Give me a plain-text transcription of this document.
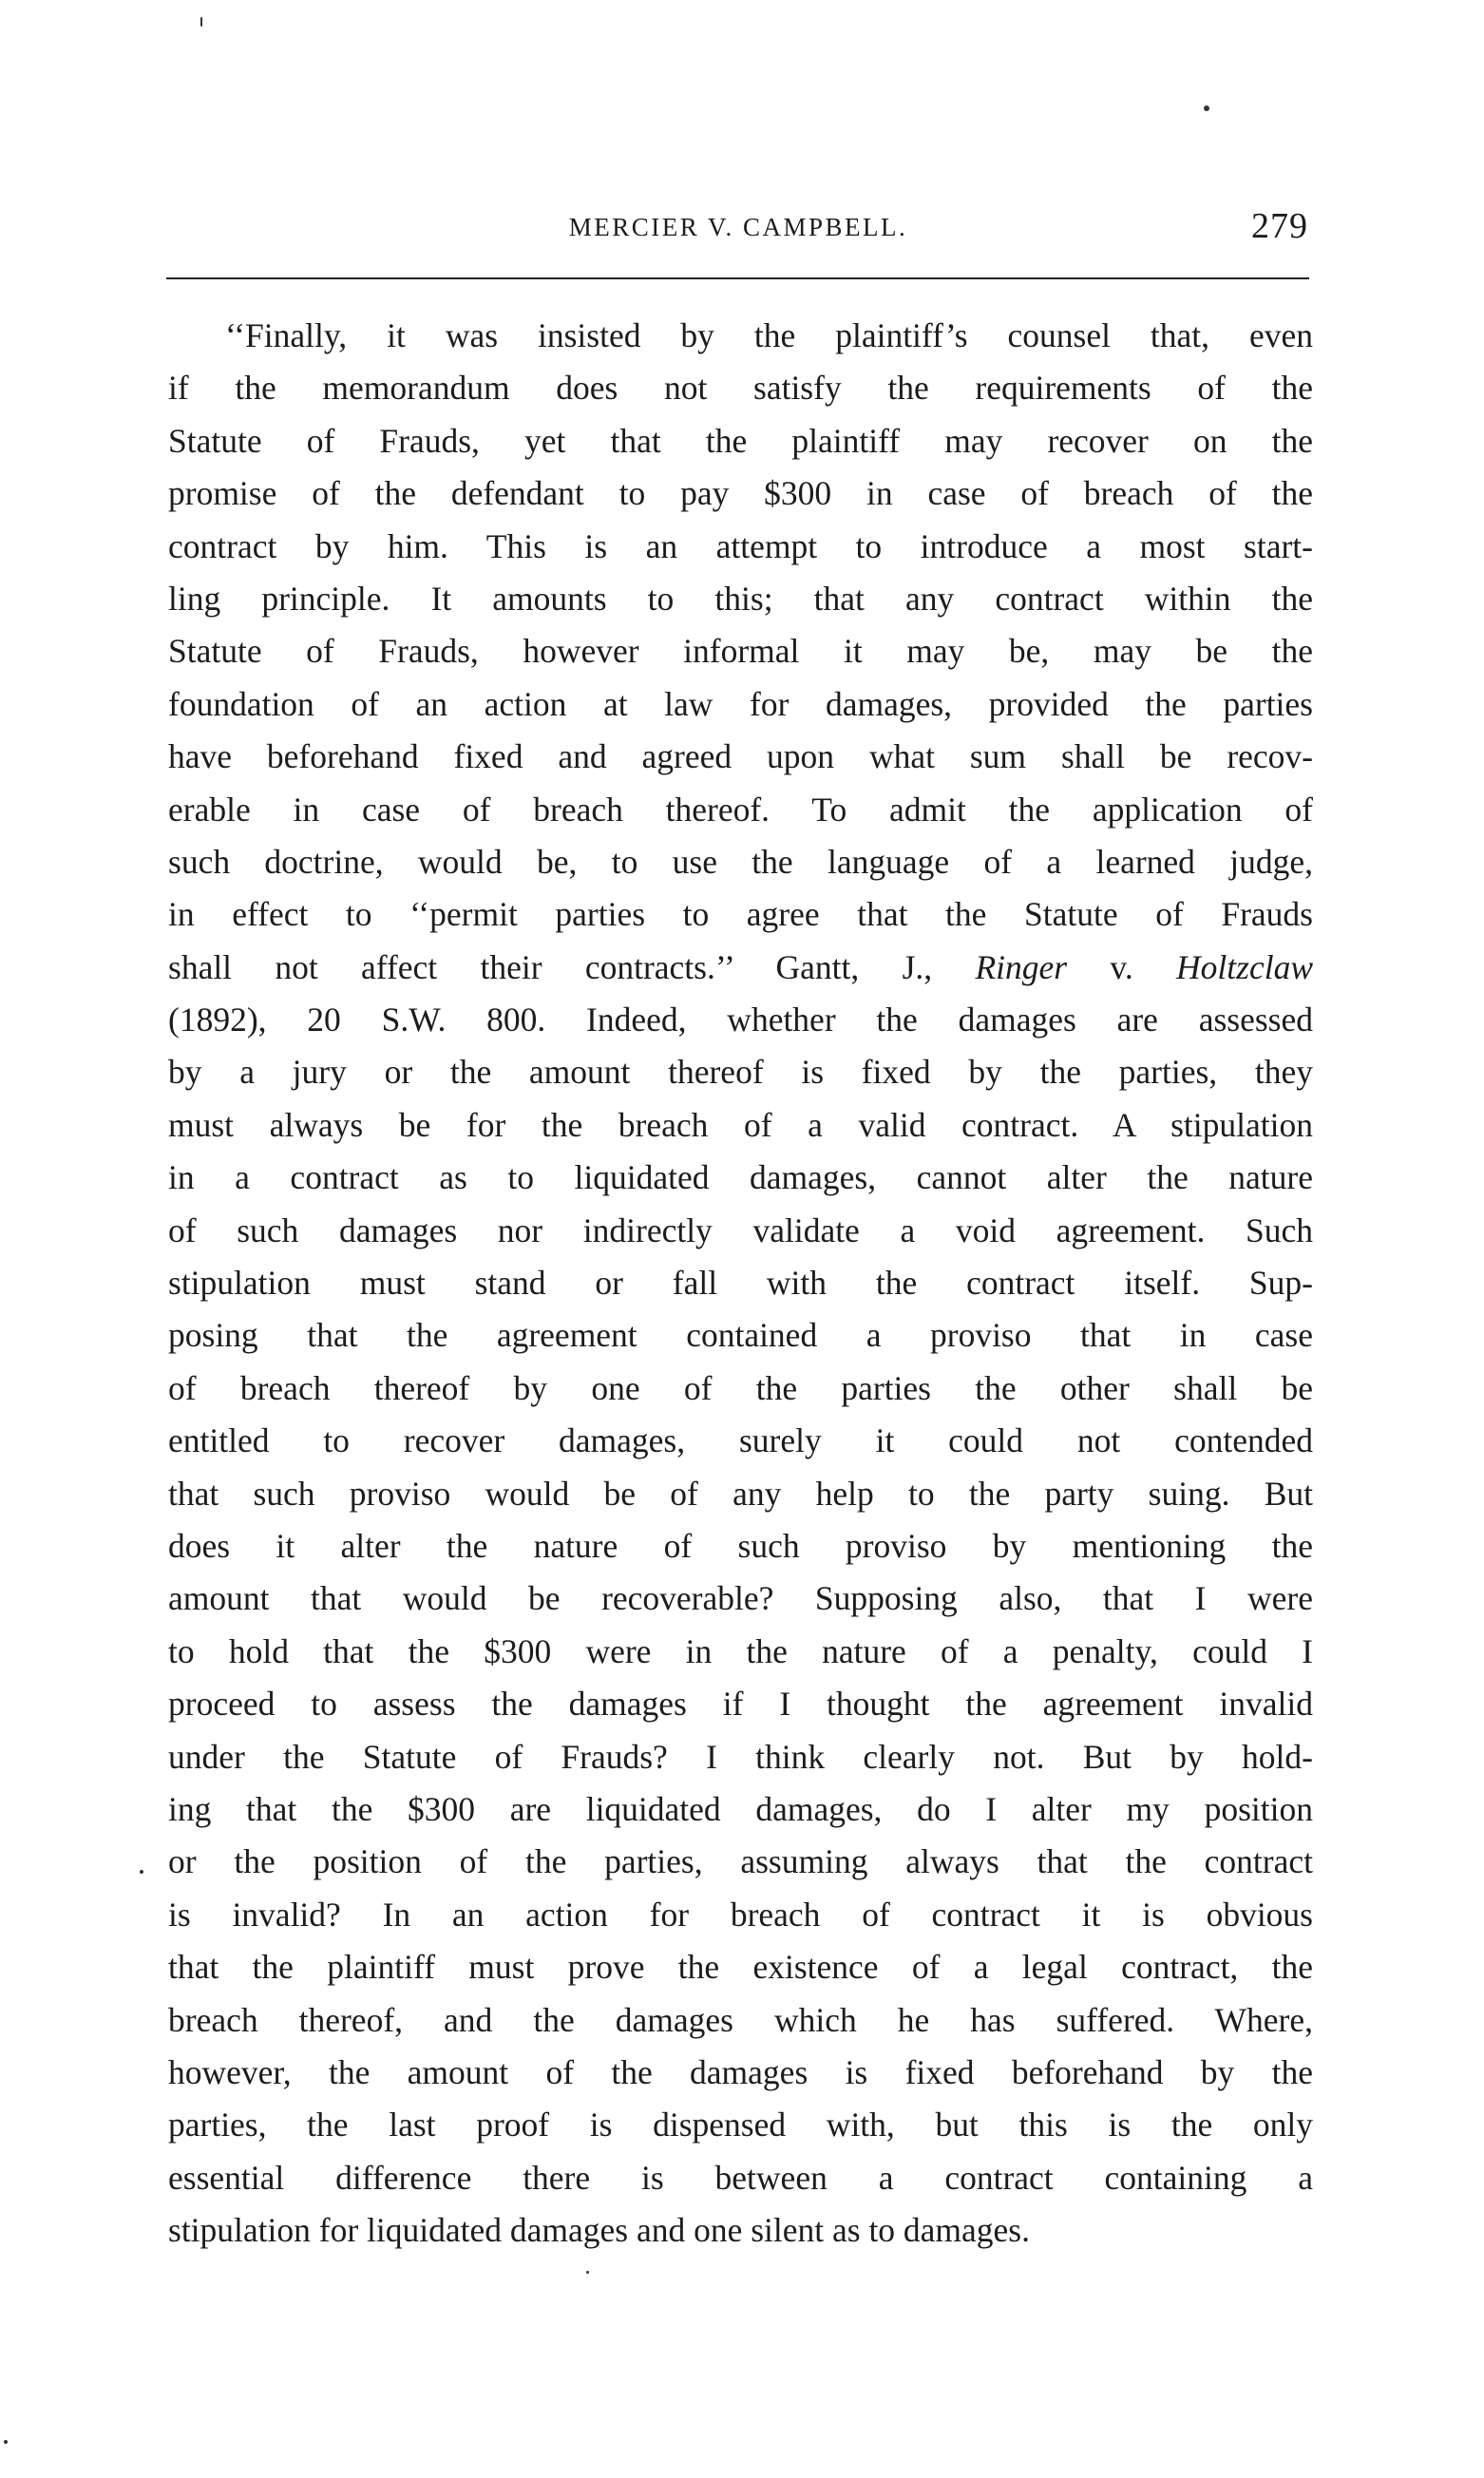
MERCIER V. CAMPBELL.	279
‘‘Finally, it was insisted by the plaintiff’s counsel that, even
if the memorandum does not satisfy the requirements of the
Statute of Frauds, yet that the plaintiff may recover on the
promise of the defendant to pay $300 in case of breach of the
contract by him. This is an attempt to introduce a most start-
ling principle. It amounts to this; that any contract within the
Statute of Frauds, however informal it may be, may be the
foundation of an action at law for damages, provided the parties
have beforehand fixed and agreed upon what sum shall be recov-
erable in case of breach thereof. To admit the application of
such doctrine, would be, to use the language of a learned judge,
in effect to ‘‘permit parties to agree that the Statute of Frauds
shall not affect their contracts.’’ Gantt, J., Ringer v. Holtzclaw
(1892), 20 S.W. 800. Indeed, whether the damages are assessed
by a jury or the amount thereof is fixed by the parties, they
must always be for the breach of a valid contract. A stipulation
in a contract as to liquidated damages, cannot alter the nature
of such damages nor indirectly validate a void agreement. Such
stipulation must stand or fall with the contract itself. Sup-
posing that the agreement contained a proviso that in case
of breach thereof by one of the parties the other shall be
entitled to recover damages, surely it could not contended
that such proviso would be of any help to the party suing. But
does it alter the nature of such proviso by mentioning the
amount that would be recoverable? Supposing also, that I were
to hold that the $300 were in the nature of a penalty, could I
proceed to assess the damages if I thought the agreement invalid
under the Statute of Frauds? I think clearly not. But by hold-
ing that the $300 are liquidated damages, do I alter my position
or the position of the parties, assuming always that the contract
is invalid? In an action for breach of contract it is obvious
that the plaintiff must prove the existence of a legal contract, the
breach thereof, and the damages which he has suffered. Where,
however, the amount of the damages is fixed beforehand by the
parties, the last proof is dispensed with, but this is the only
essential difference there is between a contract containing a
stipulation for liquidated damages and one silent as to damages.
